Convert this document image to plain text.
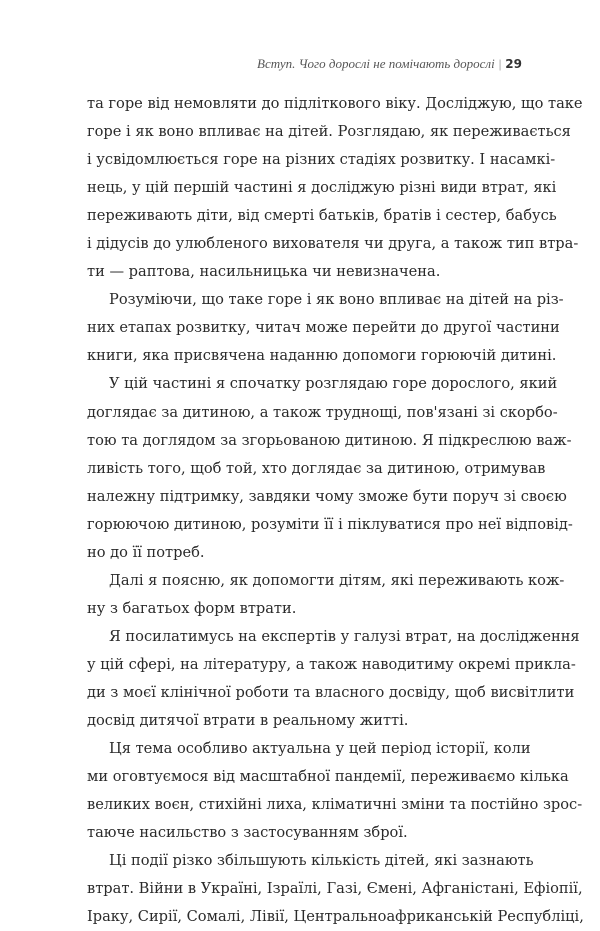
Вступ. Чого дорослі не помічають дорослі | 29
та горе від немовляти до підліткового віку. Досліджую, що таке
горе і як воно впливає на дітей. Розглядаю, як переживається
і усвідомлюється горе на різних стадіях розвитку. І насамкі-
нець, у цій першій частині я досліджую різні види втрат, які
переживають діти, від смерті батьків, братів і сестер, бабусь
і дідусів до улюбленого вихователя чи друга, а також тип втра-
ти — раптова, насильницька чи невизначена.
Розуміючи, що таке горе і як воно впливає на дітей на різ-
них етапах розвитку, читач може перейти до другої частини
книги, яка присвячена наданню допомоги горюючій дитині.
У цій частині я спочатку розглядаю горе дорослого, який
доглядає за дитиною, а також труднощі, пов'язані зі скорбо-
тою та доглядом за згорьованою дитиною. Я підкреслюю важ-
ливість того, щоб той, хто доглядає за дитиною, отримував
належну підтримку, завдяки чому зможе бути поруч зі своєю
горюючою дитиною, розуміти її і піклуватися про неї відповід-
но до її потреб.
Далі я поясню, як допомогти дітям, які переживають кож-
ну з багатьох форм втрати.
Я посилатимусь на експертів у галузі втрат, на дослідження
у цій сфері, на літературу, а також наводитиму окремі прикла-
ди з моєї клінічної роботи та власного досвіду, щоб висвітлити
досвід дитячої втрати в реальному житті.
Ця тема особливо актуальна у цей період історії, коли
ми оговтуємося від масштабної пандемії, переживаємо кілька
великих воєн, стихійні лиха, кліматичні зміни та постійно зрос-
таюче насильство з застосуванням зброї.
Ці події різко збільшують кількість дітей, які зазнають
втрат. Війни в Україні, Ізраїлі, Газі, Ємені, Афганістані, Ефіопії,
Іраку, Сирії, Сомалі, Лівії, Центральноафриканській Республіці,
